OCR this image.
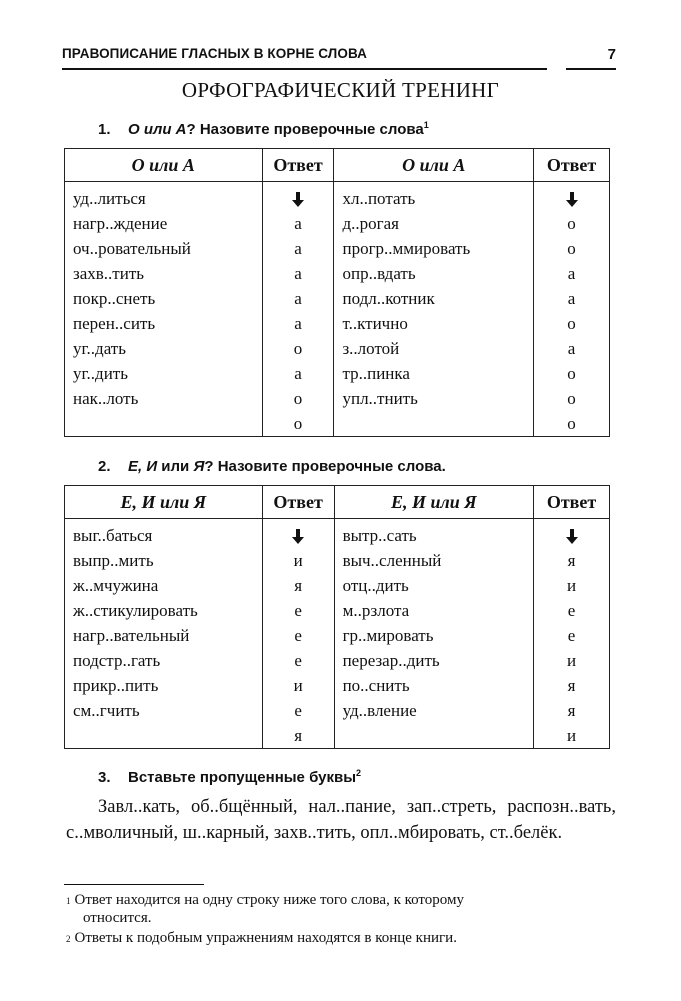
ПРАВОПИСАНИЕ ГЛАСНЫХ В КОРНЕ СЛОВА	7
ОРФОГРАФИЧЕСКИЙ ТРЕНИНГ
1. О или А? Назовите проверочные слова$^1$
О или А	Ответ	О или А	Ответ
уд..литься		хл..потать	
нагр..ждение	а	д..рогая	о
оч..ровательный	а	прогр..ммировать	о
захв..тить	а	опр..вдать	а
покр..снеть	а	подл..котник	а
перен..сить	а	т..ктично	о
уг..дать	о	з..лотой	а
уг..дить	а	тр..пинка	о
нак..лоть	о	упл..тнить	о
	о		о
2. Е, И или Я? Назовите проверочные слова.
Е, И или Я	Ответ	Е, И или Я	Ответ
выг..баться		вытр..сать	
выпр..мить	и	выч..сленный	я
ж..мчужина	я	отц..дить	и
ж..стикулировать	е	м..рзлота	е
нагр..вательный	е	гр..мировать	е
подстр..гать	е	перезар..дить	и
прикр..пить	и	по..снить	я
см..гчить	е	уд..вление	я
	я		и
3. Вставьте пропущенные буквы$^2$
Завл..кать, об..бщённый, нал..пание, зап..стреть, распозн..вать, с..мволичный, ш..карный, захв..тить, опл..мбировать, ст..белёк.
$^1$ Ответ находится на одну строку ниже того слова, к которому
относится.
$^2$ Ответы к подобным упражнениям находятся в конце книги.
